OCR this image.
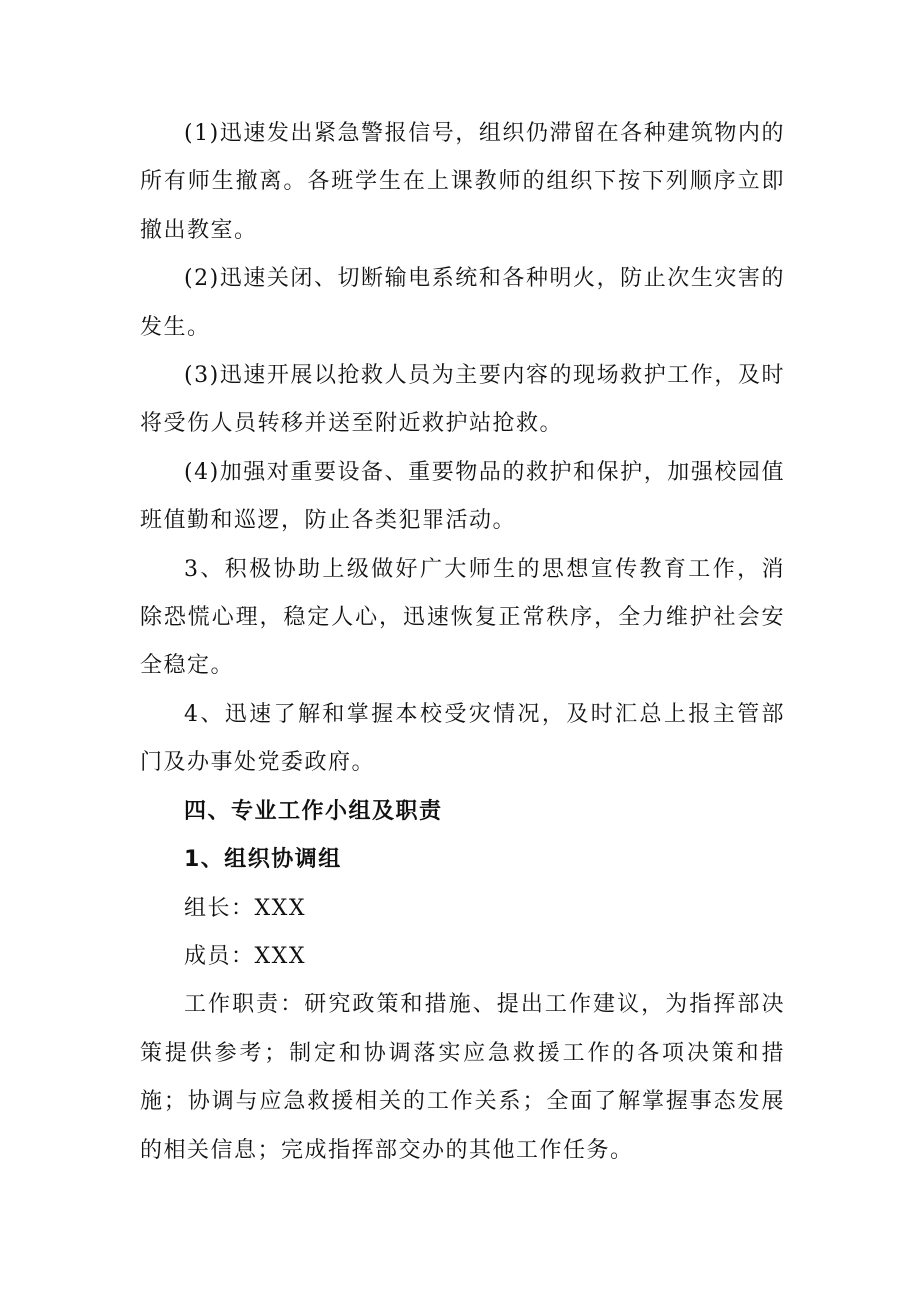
(1)迅速发出紧急警报信号，组织仍滞留在各种建筑物内的所有师生撤离。各班学生在上课教师的组织下按下列顺序立即撤出教室。

(2)迅速关闭、切断输电系统和各种明火，防止次生灾害的发生。

(3)迅速开展以抢救人员为主要内容的现场救护工作，及时将受伤人员转移并送至附近救护站抢救。

(4)加强对重要设备、重要物品的救护和保护，加强校园值班值勤和巡逻，防止各类犯罪活动。

3、积极协助上级做好广大师生的思想宣传教育工作，消除恐慌心理，稳定人心，迅速恢复正常秩序，全力维护社会安全稳定。

4、迅速了解和掌握本校受灾情况，及时汇总上报主管部门及办事处党委政府。

四、专业工作小组及职责

1、组织协调组

组长：XXX

成员：XXX

工作职责：研究政策和措施、提出工作建议，为指挥部决策提供参考；制定和协调落实应急救援工作的各项决策和措施；协调与应急救援相关的工作关系；全面了解掌握事态发展的相关信息；完成指挥部交办的其他工作任务。
